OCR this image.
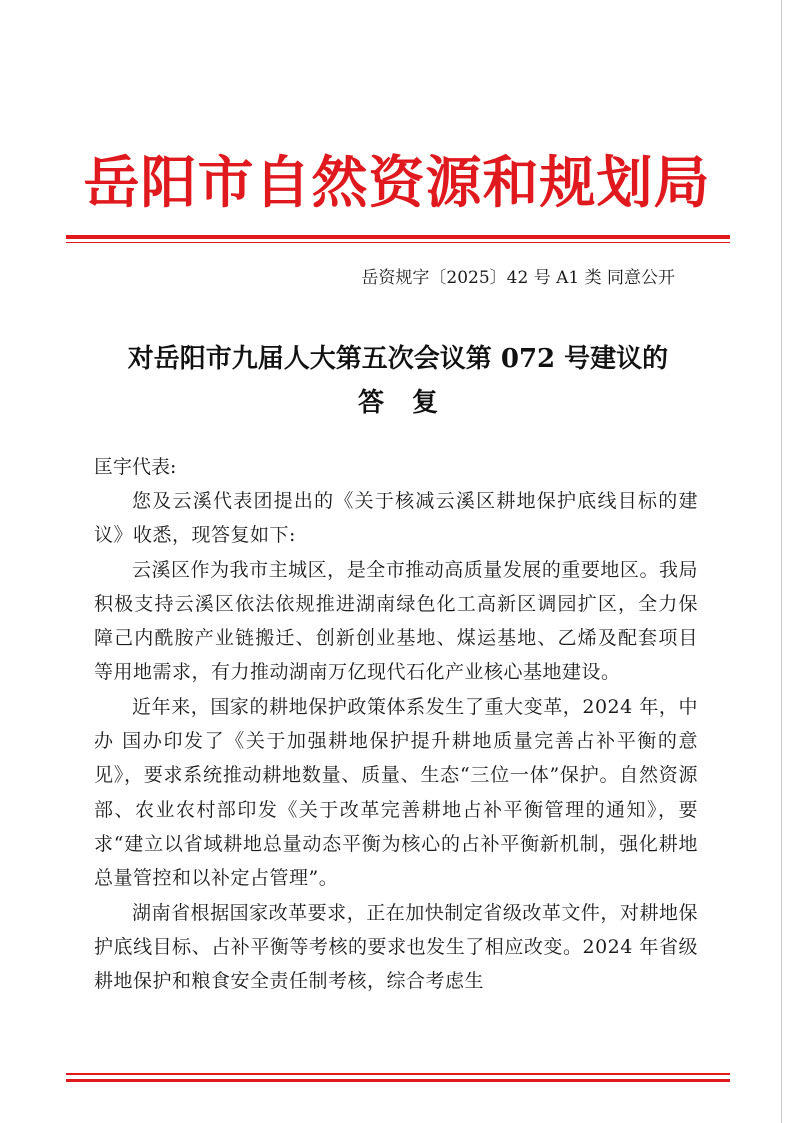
岳阳市自然资源和规划局
岳资规字〔2025〕42 号 A1 类 同意公开
对岳阳市九届人大第五次会议第 072 号建议的
答复
匡宇代表:

您及云溪代表团提出的《关于核减云溪区耕地保护底线目标的建议》收悉，现答复如下:

云溪区作为我市主城区，是全市推动高质量发展的重要地区。我局积极支持云溪区依法依规推进湖南绿色化工高新区调园扩区，全力保障己内酰胺产业链搬迁、创新创业基地、煤运基地、乙烯及配套项目等用地需求，有力推动湖南万亿现代石化产业核心基地建设。

近年来，国家的耕地保护政策体系发生了重大变革，2024 年，中办 国办印发了《关于加强耕地保护提升耕地质量完善占补平衡的意见》，要求系统推动耕地数量、质量、生态“三位一体”保护。自然资源部、农业农村部印发《关于改革完善耕地占补平衡管理的通知》，要求“建立以省域耕地总量动态平衡为核心的占补平衡新机制，强化耕地总量管控和以补定占管理”。

湖南省根据国家改革要求，正在加快制定省级改革文件，对耕地保护底线目标、占补平衡等考核的要求也发生了相应改变。2024 年省级耕地保护和粮食安全责任制考核，综合考虑生
